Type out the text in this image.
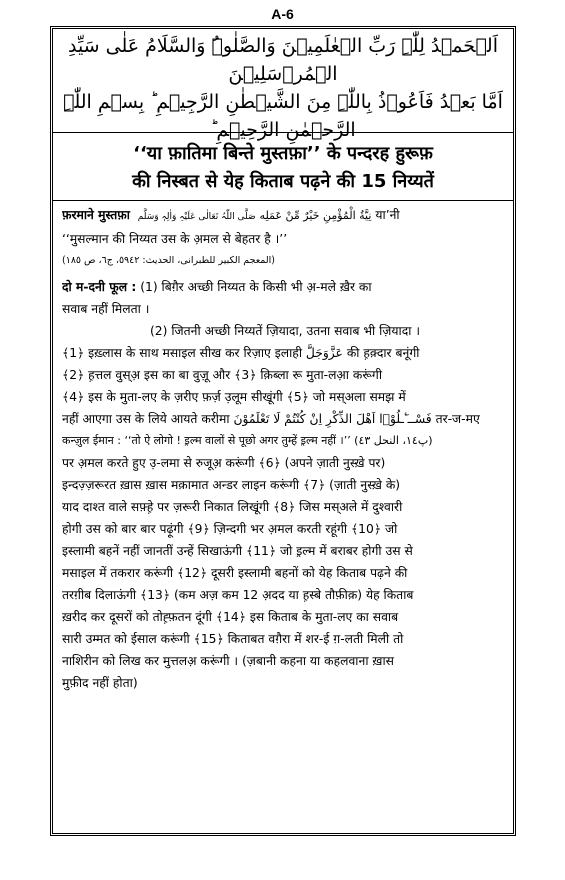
A-6
اَلۡحَمۡدُ لِلّٰہِ رَبِّ الۡعٰلَمِیۡنَ وَالصَّلٰوۃُ وَالسَّلَامُ عَلٰی سَیِّدِ الۡمُرۡسَلِیۡنَ
اَمَّا بَعۡدُ فَاَعُوۡذُ بِاللّٰہِ مِنَ الشَّیۡطٰنِ الرَّجِیۡمِ ؕ بِسۡمِ اللّٰہِ الرَّحۡمٰنِ الرَّحِیۡمِ ؕ
‘‘या फ़ातिमा बिन्ते मुस्तफ़ा’’ के पन्दरह हुरूफ़
की निस्बत से येह किताब पढ़ने की 15 निय्यतें
फ़रमाने मुस्तफ़ा	نِيَّةُ الْمُؤْمِنِ خَيْرٌ مِّنْ عَمَلِه صَلَّی اللّٰہُ تَعَالٰی عَلَیْہِ وَاٰلِہٖ وَسَلَّم	या’नी
‘‘मुसल्मान की निय्यत उस के अ़मल से बेहतर है ।’’
(المعجم الکبیر للطبرانی، الحدیث: ٥٩٤٢، ج٦، ص ١٨٥)
दो म-दनी फूल : (1) बिग़ैर अच्छी निय्यत के किसी भी अ़-मले ख़ैर का
सवाब नहीं मिलता ।
(2) जितनी अच्छी निय्यतें ज़ियादा, उतना सवाब भी ज़ियादा ।
﴾1﴿ इख़्लास के साथ मसाइल सीख कर रिज़ाए इलाही عَزَّوَجَلَّ की ह़क़्दार बनूंगी
﴾2﴿ ह़त्तल वुस्अ़ इस का बा वुज़ू और ﴾3﴿ क़िब्ला रू मुता-लआ़ करूंगी
﴾4﴿ इस के मुता-लए के ज़रीए फ़र्ज़ उ़लूम सीखूंगी ﴾5﴿ जो मस्अला समझ में
नहीं आएगा उस के लिये आयते करीमा فَسْــٴَـلُوْۤا اَهْلَ الذِّكْرِ اِنْ كُنْتُمْ لَا تَعْلَمُوْنَ तर-ज-मए
कन्ज़ुल ईमान : ‘‘तो ऐ लोगो ! इ़ल्म वालों से पूछो अगर तुम्हें इ़ल्म नहीं ।’’ (پ١٤، النحل ٤٣)
पर अ़मल करते हुए उ़-लमा से रुजूअ़ करूंगी ﴾6﴿ (अपने ज़ाती नुस्खे़ पर)
इन्दज़्ज़रूरत ख़ास ख़ास मक़ामात अन्डर लाइन करूंगी ﴾7﴿ (ज़ाती नुस्खे़ के)
याद दाश्त वाले सफ़्ह़े पर ज़रूरी निकात लिखूंगी ﴾8﴿ जिस मस्अले में दुश्वारी
होगी उस को बार बार पढ़ूंगी ﴾9﴿ ज़िन्दगी भर अ़मल करती रहूंगी ﴾10﴿ जो
इस्लामी बहनें नहीं जानतीं उन्हें सिखाऊंगी ﴾11﴿ जो इ़ल्म में बराबर होगी उस से
मसाइल में तकरार करूंगी ﴾12﴿ दूसरी इस्लामी बहनों को येह किताब पढ़ने की
तरग़ीब दिलाऊंगी ﴾13﴿ (कम अज़ कम 12 अ़दद या ह़स्बे तौफ़ीक़) येह किताब
ख़रीद कर दूसरों को तोह़्फ़तन दूंगी ﴾14﴿ इस किताब के मुता-लए का सवाब
सारी उम्मत को ईसाल करूंगी ﴾15﴿ किताबत वग़ैरा में शर-ई ग़-लती मिली तो
नाशिरीन को लिख कर मुत्तलअ़ करूंगी । (ज़बानी कहना या कहलवाना ख़ास
मुफ़ीद नहीं होता)
